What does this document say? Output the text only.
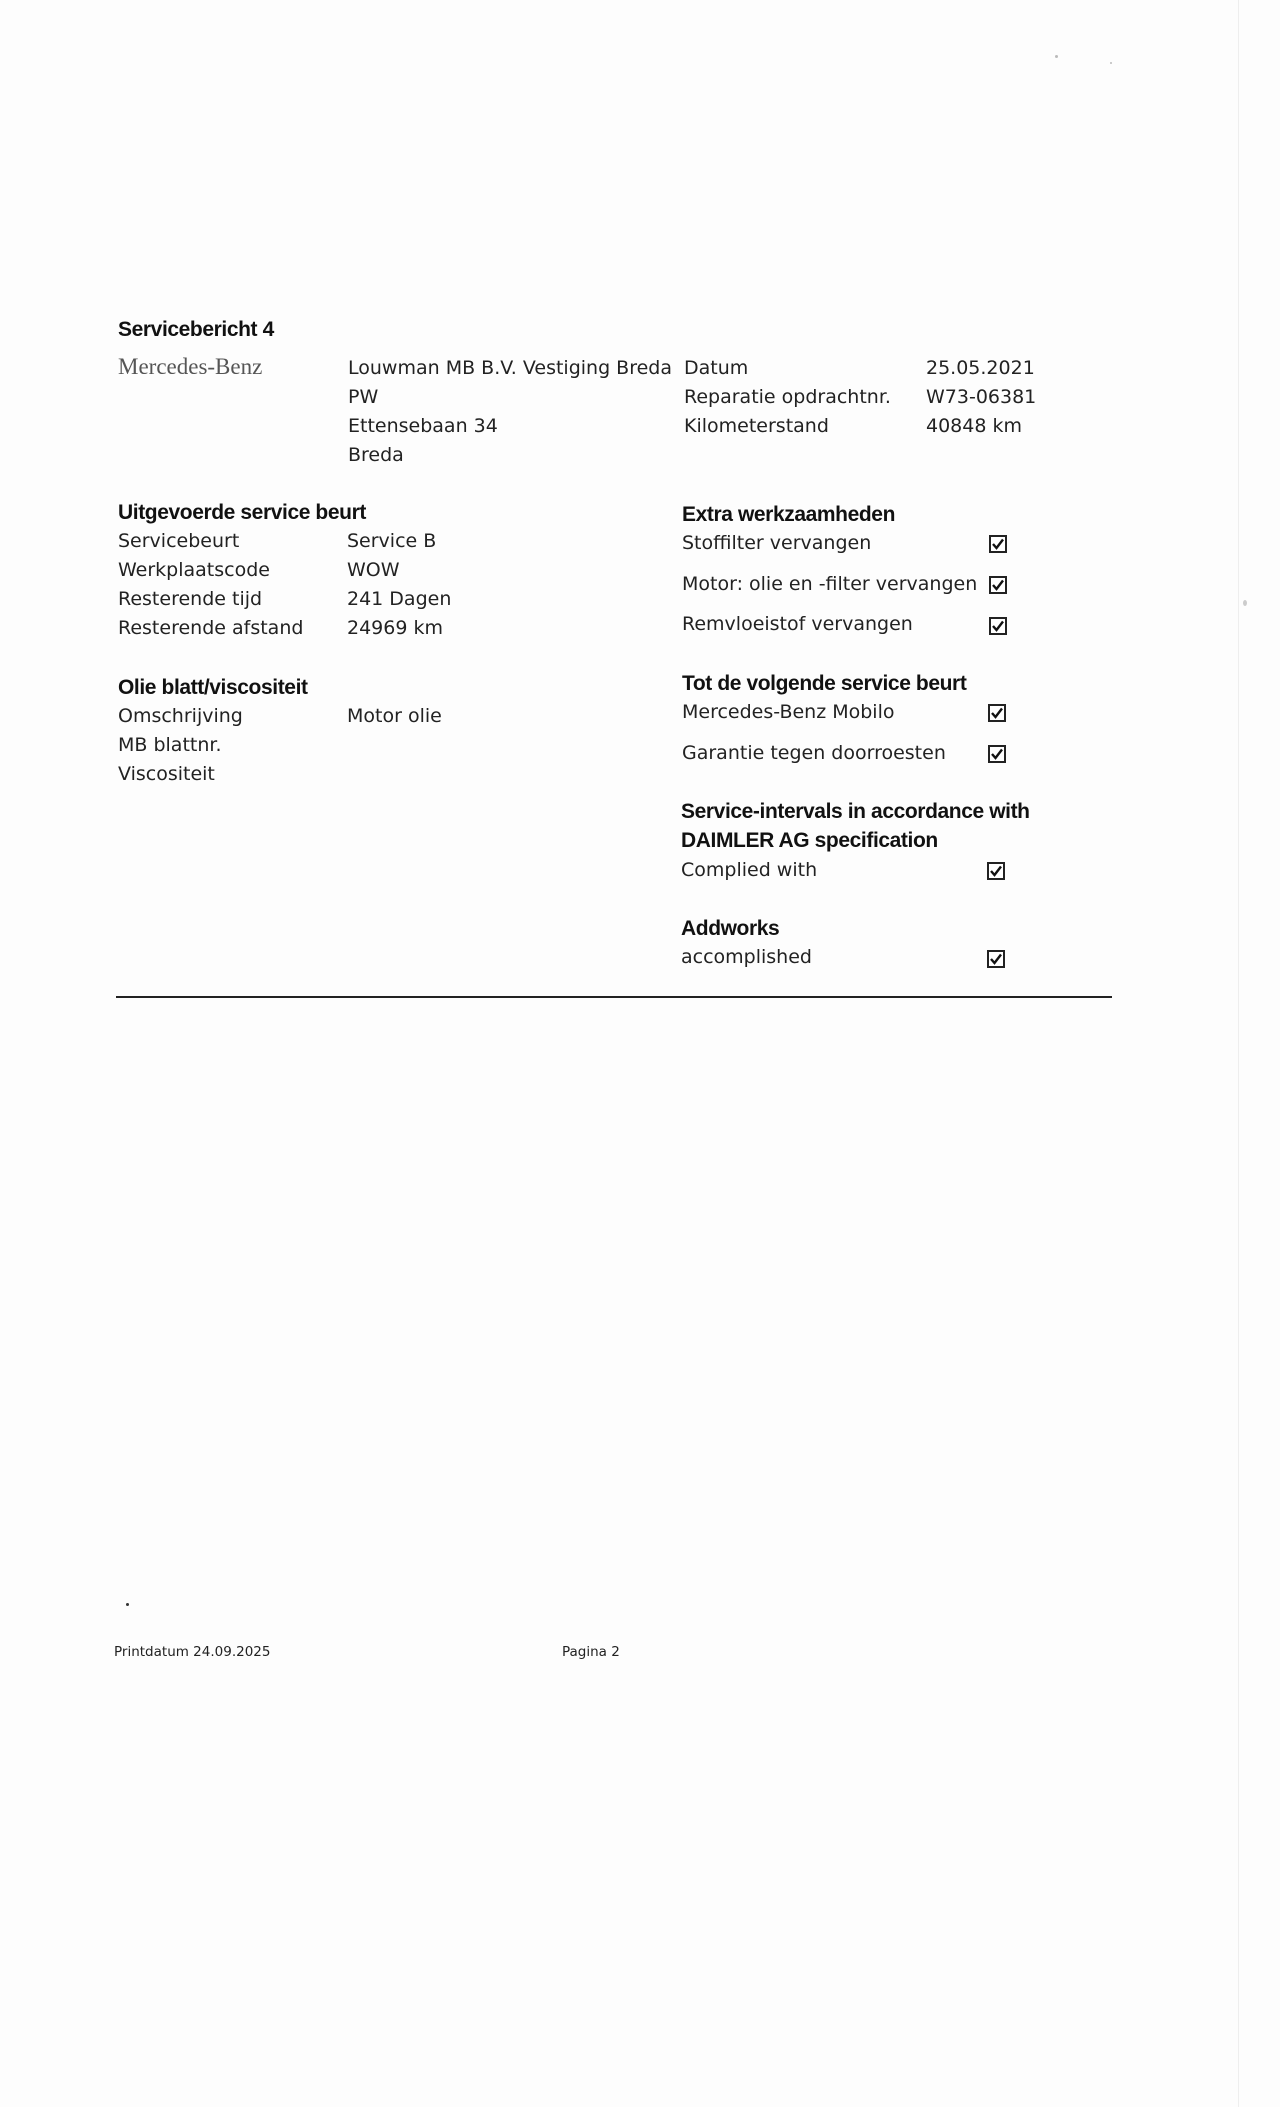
Servicebericht 4
Mercedes-Benz	Louwman MB B.V. Vestiging Breda
PW
Ettensebaan 34
Breda
Datum	25.05.2021
Reparatie opdrachtnr. W73-06381
Kilometerstand	40848 km
Uitgevoerde service beurt
Servicebeurt	Service B
Werkplaatscode	WOW
Resterende tijd	241 Dagen
Resterende afstand 24969 km
Olie blatt/viscositeit
Omschrijving	Motor olie
MB blattnr.
Viscositeit
Extra werkzaamheden
Stoffilter vervangen
Motor: olie en -filter vervangen
Remvloeistof vervangen
Tot de volgende service beurt
Mercedes-Benz Mobilo
Garantie tegen doorroesten
Service-intervals in accordance with
DAIMLER AG specification
Complied with
Addworks
accomplished
Printdatum 24.09.2025	Pagina 2
